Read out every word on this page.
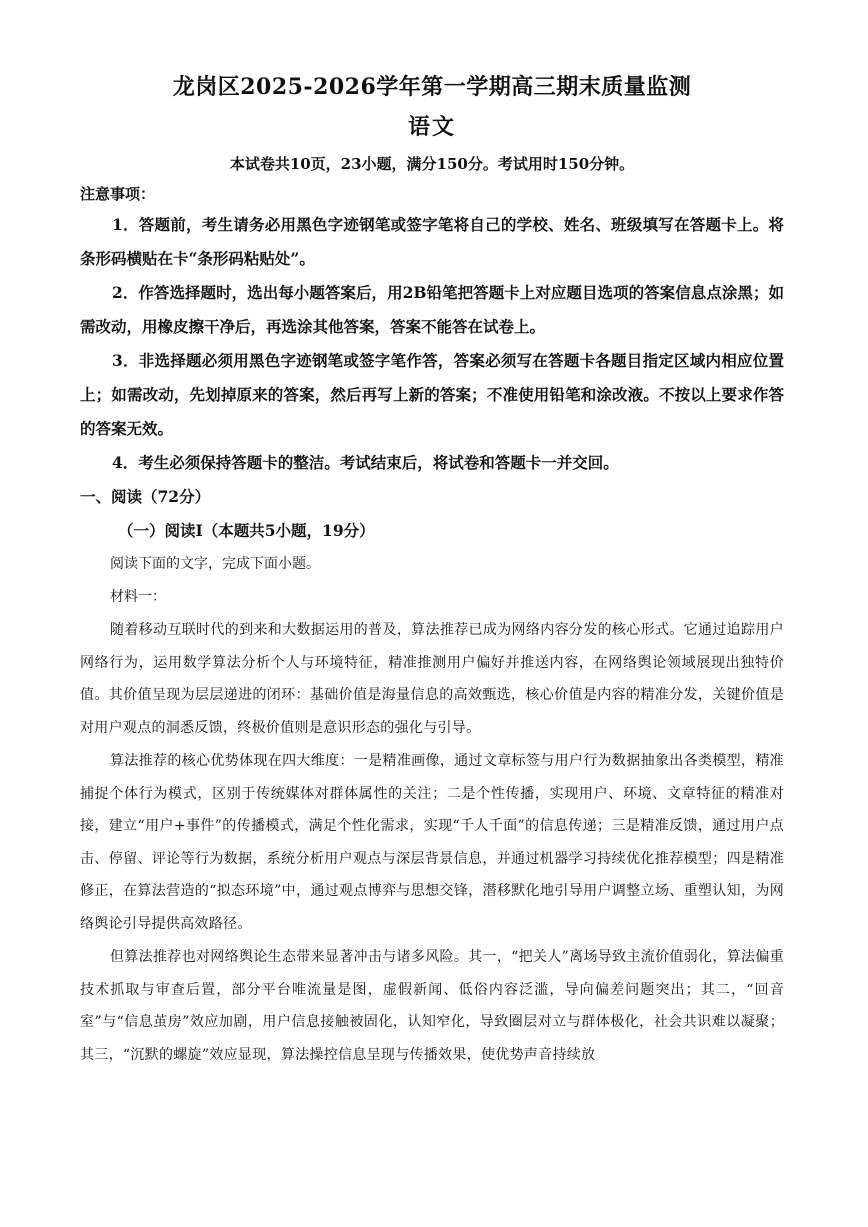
龙岗区2025-2026学年第一学期高三期末质量监测
语文

本试卷共10页，23小题，满分150分。考试用时150分钟。

注意事项：

1．答题前，考生请务必用黑色字迹钢笔或签字笔将自己的学校、姓名、班级填写在答题卡上。将条形码横贴在卡“条形码粘贴处”。

2．作答选择题时，选出每小题答案后，用2B铅笔把答题卡上对应题目选项的答案信息点涂黑；如需改动，用橡皮擦干净后，再选涂其他答案，答案不能答在试卷上。

3．非选择题必须用黑色字迹钢笔或签字笔作答，答案必须写在答题卡各题目指定区域内相应位置上；如需改动，先划掉原来的答案，然后再写上新的答案；不准使用铅笔和涂改液。不按以上要求作答的答案无效。

4．考生必须保持答题卡的整洁。考试结束后，将试卷和答题卡一并交回。

一、阅读（72分）

（一）阅读Ⅰ（本题共5小题，19分）

阅读下面的文字，完成下面小题。

材料一：

随着移动互联时代的到来和大数据运用的普及，算法推荐已成为网络内容分发的核心形式。它通过追踪用户网络行为，运用数学算法分析个人与环境特征，精准推测用户偏好并推送内容，在网络舆论领域展现出独特价值。其价值呈现为层层递进的闭环：基础价值是海量信息的高效甄选，核心价值是内容的精准分发，关键价值是对用户观点的洞悉反馈，终极价值则是意识形态的强化与引导。

算法推荐的核心优势体现在四大维度：一是精准画像，通过文章标签与用户行为数据抽象出各类模型，精准捕捉个体行为模式，区别于传统媒体对群体属性的关注；二是个性传播，实现用户、环境、文章特征的精准对接，建立“用户+事件”的传播模式，满足个性化需求，实现“千人千面”的信息传递；三是精准反馈，通过用户点击、停留、评论等行为数据，系统分析用户观点与深层背景信息，并通过机器学习持续优化推荐模型；四是精准修正，在算法营造的“拟态环境”中，通过观点博弈与思想交锋，潜移默化地引导用户调整立场、重塑认知，为网络舆论引导提供高效路径。

但算法推荐也对网络舆论生态带来显著冲击与诸多风险。其一，“把关人”离场导致主流价值弱化，算法偏重技术抓取与审查后置，部分平台唯流量是图，虚假新闻、低俗内容泛滥，导向偏差问题突出；其二，“回音室”与“信息茧房”效应加剧，用户信息接触被固化，认知窄化，导致圈层对立与群体极化，社会共识难以凝聚；其三，“沉默的螺旋”效应显现，算法操控信息呈现与传播效果，使优势声音持续放
